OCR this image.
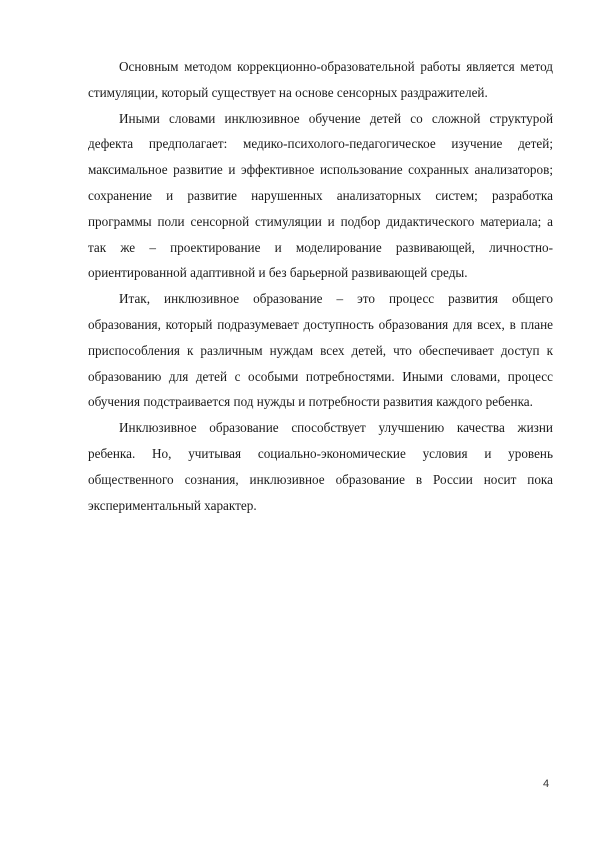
Основным методом коррекционно-образовательной работы является метод стимуляции, который существует на основе сенсорных раздражителей.

Иными словами инклюзивное обучение детей со сложной структурой дефекта предполагает: медико-психолого-педагогическое изучение детей; максимальное развитие и эффективное использование сохранных анализаторов; сохранение и развитие нарушенных анализаторных систем; разработка программы поли сенсорной стимуляции и подбор дидактического материала; а так же – проектирование и моделирование развивающей, личностно-ориентированной адаптивной и без барьерной развивающей среды.

Итак, инклюзивное образование – это процесс развития общего образования, который подразумевает доступность образования для всех, в плане приспособления к различным нуждам всех детей, что обеспечивает доступ к образованию для детей с особыми потребностями. Иными словами, процесс обучения подстраивается под нужды и потребности развития каждого ребенка.

Инклюзивное образование способствует улучшению качества жизни ребенка. Но, учитывая социально-экономические условия и уровень общественного сознания, инклюзивное образование в России носит пока экспериментальный характер.

4
